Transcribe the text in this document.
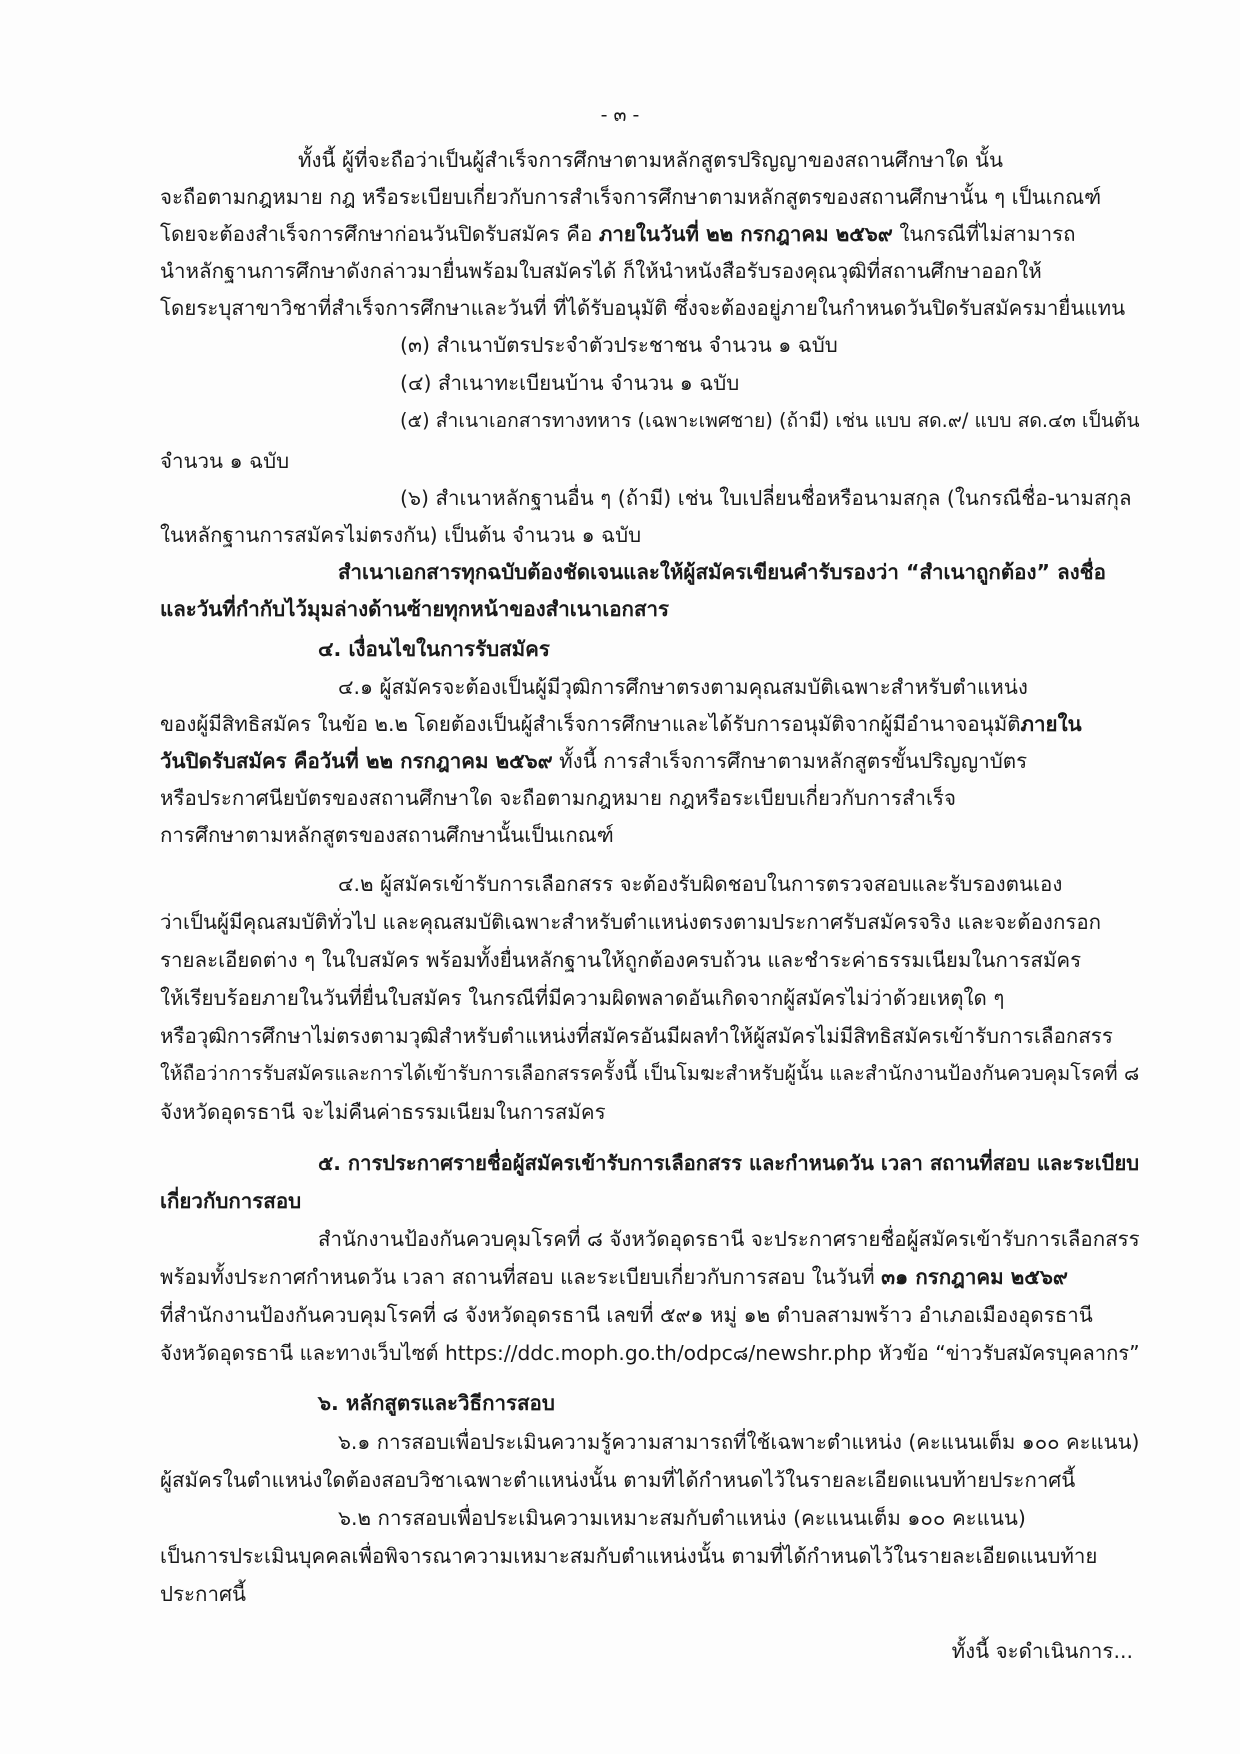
- ๓ -
ทั้งนี้ ผู้ที่จะถือว่าเป็นผู้สำเร็จการศึกษาตามหลักสูตรปริญญาของสถานศึกษาใด นั้น
จะถือตามกฎหมาย กฎ หรือระเบียบเกี่ยวกับการสำเร็จการศึกษาตามหลักสูตรของสถานศึกษานั้น ๆ เป็นเกณฑ์
โดยจะต้องสำเร็จการศึกษาก่อนวันปิดรับสมัคร คือ ภายในวันที่ ๒๒ กรกฎาคม ๒๕๖๙ ในกรณีที่ไม่สามารถ
นำหลักฐานการศึกษาดังกล่าวมายื่นพร้อมใบสมัครได้ ก็ให้นำหนังสือรับรองคุณวุฒิที่สถานศึกษาออกให้
โดยระบุสาขาวิชาที่สำเร็จการศึกษาและวันที่ ที่ได้รับอนุมัติ ซึ่งจะต้องอยู่ภายในกำหนดวันปิดรับสมัครมายื่นแทน
(๓) สำเนาบัตรประจำตัวประชาชน จำนวน ๑ ฉบับ
(๔) สำเนาทะเบียนบ้าน จำนวน ๑ ฉบับ
(๕) สำเนาเอกสารทางทหาร (เฉพาะเพศชาย) (ถ้ามี) เช่น แบบ สด.๙/ แบบ สด.๔๓ เป็นต้น
จำนวน ๑ ฉบับ
(๖) สำเนาหลักฐานอื่น ๆ (ถ้ามี) เช่น ใบเปลี่ยนชื่อหรือนามสกุล (ในกรณีชื่อ-นามสกุล
ในหลักฐานการสมัครไม่ตรงกัน) เป็นต้น จำนวน ๑ ฉบับ
สำเนาเอกสารทุกฉบับต้องชัดเจนและให้ผู้สมัครเขียนคำรับรองว่า “สำเนาถูกต้อง” ลงชื่อ
และวันที่กำกับไว้มุมล่างด้านซ้ายทุกหน้าของสำเนาเอกสาร
๔. เงื่อนไขในการรับสมัคร
๔.๑ ผู้สมัครจะต้องเป็นผู้มีวุฒิการศึกษาตรงตามคุณสมบัติเฉพาะสำหรับตำแหน่ง
ของผู้มีสิทธิสมัคร ในข้อ ๒.๒ โดยต้องเป็นผู้สำเร็จการศึกษาและได้รับการอนุมัติจากผู้มีอำนาจอนุมัติภายใน
วันปิดรับสมัคร คือวันที่ ๒๒ กรกฎาคม ๒๕๖๙ ทั้งนี้ การสำเร็จการศึกษาตามหลักสูตรขั้นปริญญาบัตร
หรือประกาศนียบัตรของสถานศึกษาใด จะถือตามกฎหมาย กฎหรือระเบียบเกี่ยวกับการสำเร็จ
การศึกษาตามหลักสูตรของสถานศึกษานั้นเป็นเกณฑ์
๔.๒ ผู้สมัครเข้ารับการเลือกสรร จะต้องรับผิดชอบในการตรวจสอบและรับรองตนเอง
ว่าเป็นผู้มีคุณสมบัติทั่วไป และคุณสมบัติเฉพาะสำหรับตำแหน่งตรงตามประกาศรับสมัครจริง และจะต้องกรอก
รายละเอียดต่าง ๆ ในใบสมัคร พร้อมทั้งยื่นหลักฐานให้ถูกต้องครบถ้วน และชำระค่าธรรมเนียมในการสมัคร
ให้เรียบร้อยภายในวันที่ยื่นใบสมัคร ในกรณีที่มีความผิดพลาดอันเกิดจากผู้สมัครไม่ว่าด้วยเหตุใด ๆ
หรือวุฒิการศึกษาไม่ตรงตามวุฒิสำหรับตำแหน่งที่สมัครอันมีผลทำให้ผู้สมัครไม่มีสิทธิสมัครเข้ารับการเลือกสรร
ให้ถือว่าการรับสมัครและการได้เข้ารับการเลือกสรรครั้งนี้ เป็นโมฆะสำหรับผู้นั้น และสำนักงานป้องกันควบคุมโรคที่ ๘
จังหวัดอุดรธานี จะไม่คืนค่าธรรมเนียมในการสมัคร
๕. การประกาศรายชื่อผู้สมัครเข้ารับการเลือกสรร และกำหนดวัน เวลา สถานที่สอบ และระเบียบ
เกี่ยวกับการสอบ
สำนักงานป้องกันควบคุมโรคที่ ๘ จังหวัดอุดรธานี จะประกาศรายชื่อผู้สมัครเข้ารับการเลือกสรร
พร้อมทั้งประกาศกำหนดวัน เวลา สถานที่สอบ และระเบียบเกี่ยวกับการสอบ ในวันที่ ๓๑ กรกฎาคม ๒๕๖๙
ที่สำนักงานป้องกันควบคุมโรคที่ ๘ จังหวัดอุดรธานี เลขที่ ๕๙๑ หมู่ ๑๒ ตำบลสามพร้าว อำเภอเมืองอุดรธานี
จังหวัดอุดรธานี และทางเว็บไซต์ https://ddc.moph.go.th/odpc๘/newshr.php หัวข้อ “ข่าวรับสมัครบุคลากร”
๖. หลักสูตรและวิธีการสอบ
๖.๑ การสอบเพื่อประเมินความรู้ความสามารถที่ใช้เฉพาะตำแหน่ง (คะแนนเต็ม ๑๐๐ คะแนน)
ผู้สมัครในตำแหน่งใดต้องสอบวิชาเฉพาะตำแหน่งนั้น ตามที่ได้กำหนดไว้ในรายละเอียดแนบท้ายประกาศนี้
๖.๒ การสอบเพื่อประเมินความเหมาะสมกับตำแหน่ง (คะแนนเต็ม ๑๐๐ คะแนน)
เป็นการประเมินบุคคลเพื่อพิจารณาความเหมาะสมกับตำแหน่งนั้น ตามที่ได้กำหนดไว้ในรายละเอียดแนบท้าย
ประกาศนี้
ทั้งนี้ จะดำเนินการ...
